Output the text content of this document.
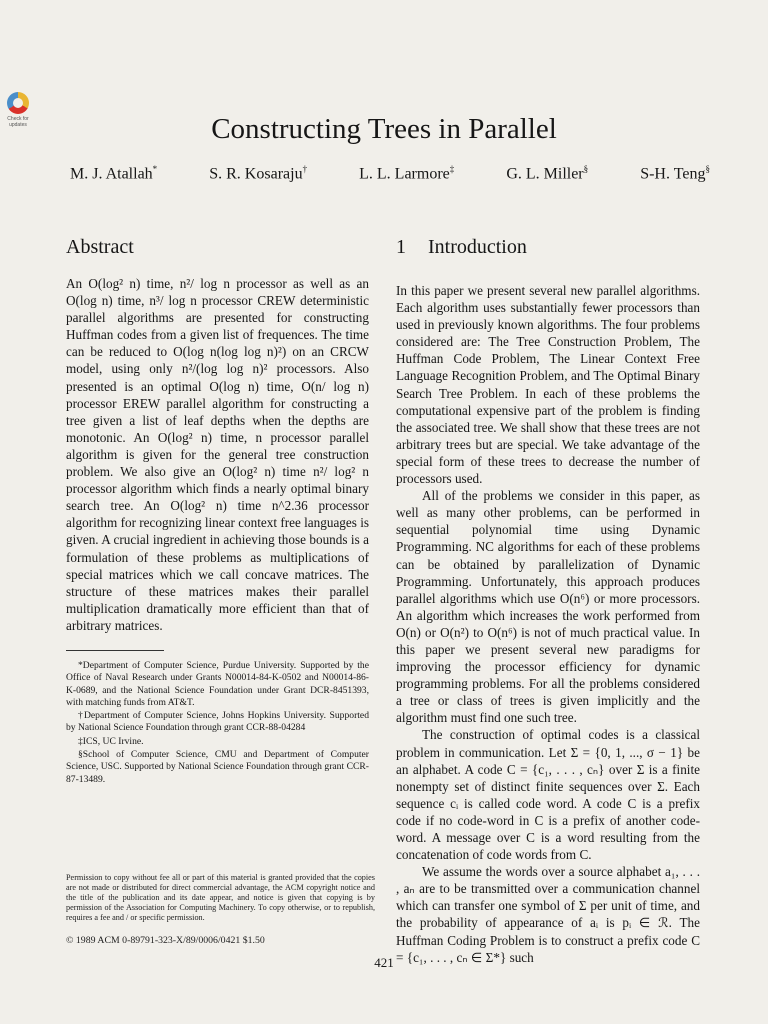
Check for updates	Constructing Trees in Parallel
M. J. Atallah*	S. R. Kosaraju†	L. L. Larmore‡	G. L. Miller§	S-H. Teng§
Abstract

An O(log² n) time, n²/ log n processor as well as an O(log n) time, n³/ log n processor CREW deterministic parallel algorithms are presented for constructing Huffman codes from a given list of frequences. The time can be reduced to O(log n(log log n)²) on an CRCW model, using only n²/(log log n)² processors. Also presented is an optimal O(log n) time, O(n/ log n) processor EREW parallel algorithm for constructing a tree given a list of leaf depths when the depths are monotonic. An O(log² n) time, n processor parallel algorithm is given for the general tree construction problem. We also give an O(log² n) time n²/ log² n processor algorithm which finds a nearly optimal binary search tree. An O(log² n) time n^2.36 processor algorithm for recognizing linear context free languages is given. A crucial ingredient in achieving those bounds is a formulation of these problems as multiplications of special matrices which we call concave matrices. The structure of these matrices makes their parallel multiplication dramatically more efficient than that of arbitrary matrices.

*Department of Computer Science, Purdue University. Supported by the Office of Naval Research under Grants N00014-84-K-0502 and N00014-86-K-0689, and the National Science Foundation under Grant DCR-8451393, with matching funds from AT&T.

†Department of Computer Science, Johns Hopkins University. Supported by National Science Foundation through grant CCR-88-04284

‡ICS, UC Irvine.

§School of Computer Science, CMU and Department of Computer Science, USC. Supported by National Science Foundation through grant CCR-87-13489.

Permission to copy without fee all or part of this material is granted provided that the copies are not made or distributed for direct commercial advantage, the ACM copyright notice and the title of the publication and its date appear, and notice is given that copying is by permission of the Association for Computing Machinery. To copy otherwise, or to republish, requires a fee and / or specific permission.
© 1989 ACM 0-89791-323-X/89/0006/0421 $1.50
1 Introduction

In this paper we present several new parallel algorithms. Each algorithm uses substantially fewer processors than used in previously known algorithms. The four problems considered are: The Tree Construction Problem, The Huffman Code Problem, The Linear Context Free Language Recognition Problem, and The Optimal Binary Search Tree Problem. In each of these problems the computational expensive part of the problem is finding the associated tree. We shall show that these trees are not arbitrary trees but are special. We take advantage of the special form of these trees to decrease the number of processors used.

All of the problems we consider in this paper, as well as many other problems, can be performed in sequential polynomial time using Dynamic Programming. NC algorithms for each of these problems can be obtained by parallelization of Dynamic Programming. Unfortunately, this approach produces parallel algorithms which use O(n⁶) or more processors. An algorithm which increases the work performed from O(n) or O(n²) to O(n⁶) is not of much practical value. In this paper we present several new paradigms for improving the processor efficiency for dynamic programming problems. For all the problems considered a tree or class of trees is given implicitly and the algorithm must find one such tree.

The construction of optimal codes is a classical problem in communication. Let Σ = {0, 1, ..., σ − 1} be an alphabet. A code C = {c₁, . . . , cₙ} over Σ is a finite nonempty set of distinct finite sequences over Σ. Each sequence cᵢ is called code word. A code C is a prefix code if no code-word in C is a prefix of another code-word. A message over C is a word resulting from the concatenation of code words from C.

We assume the words over a source alphabet a₁, . . . , aₙ are to be transmitted over a communication channel which can transfer one symbol of Σ per unit of time, and the probability of appearance of aᵢ is pᵢ ∈ ℛ. The Huffman Coding Problem is to construct a prefix code C = {c₁, . . . , cₙ ∈ Σ*} such

421
